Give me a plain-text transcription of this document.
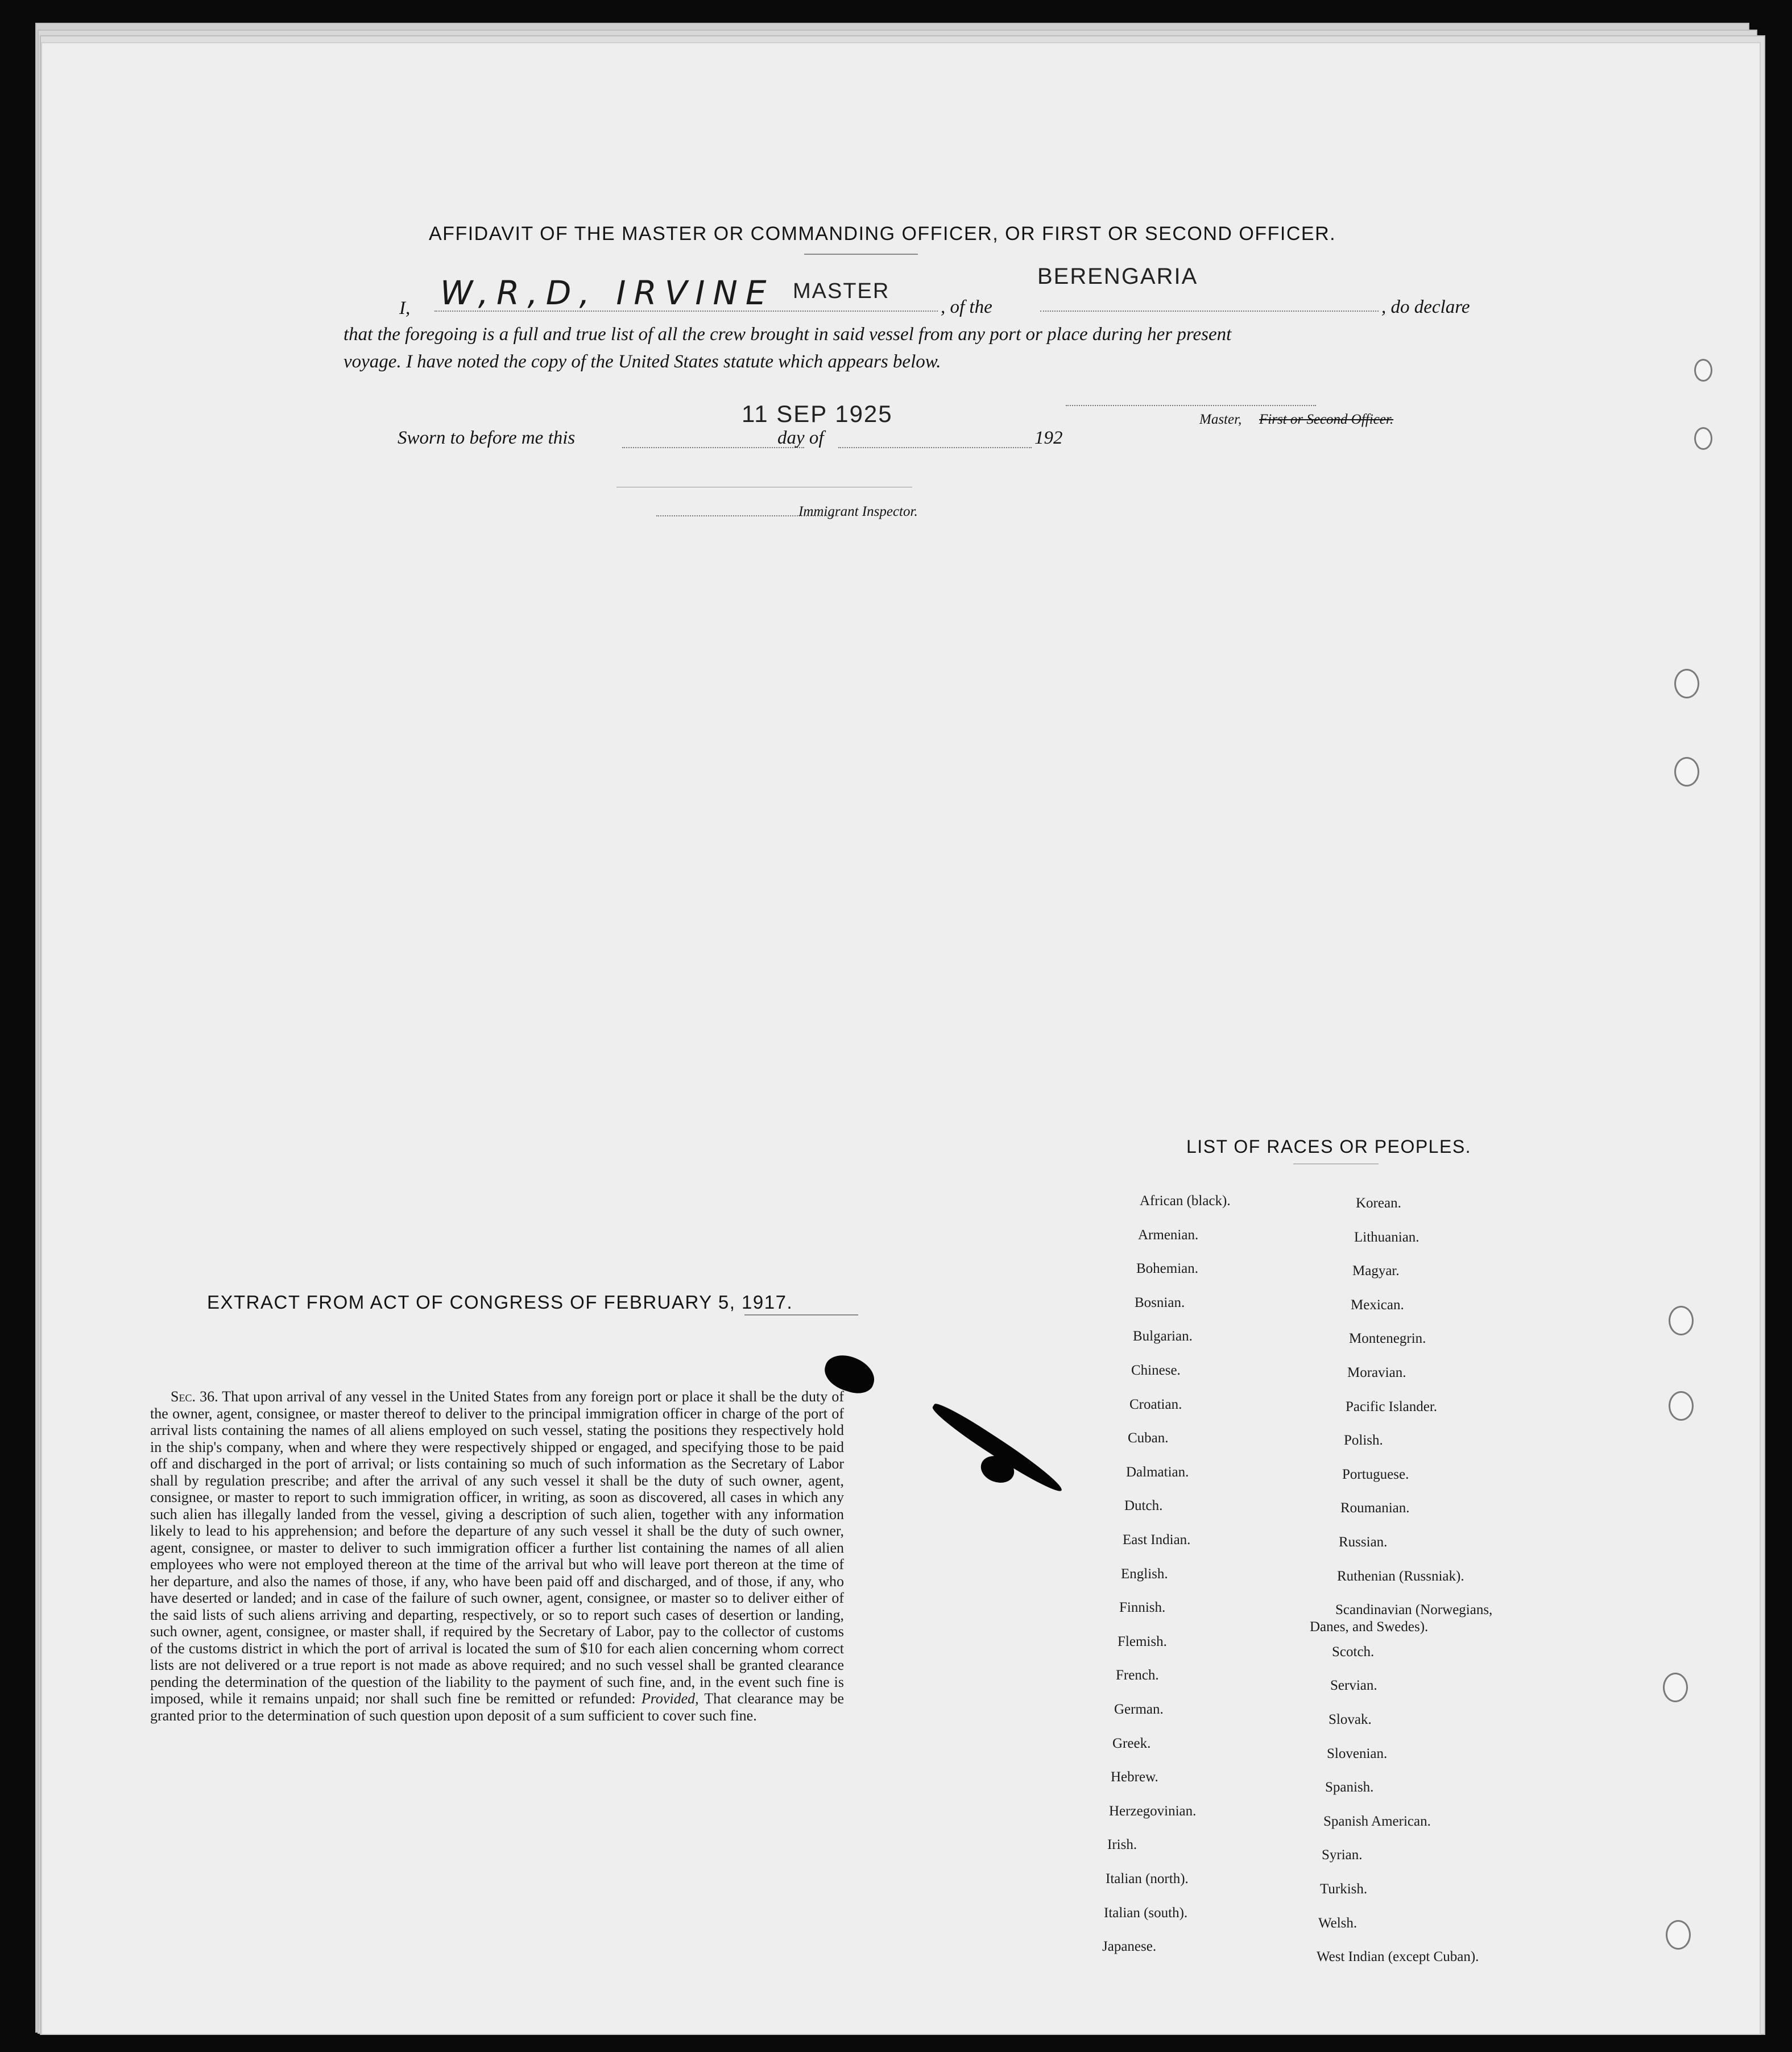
AFFIDAVIT OF THE MASTER OR COMMANDING OFFICER, OR FIRST OR SECOND OFFICER.
I, W,R,D, IRVINE MASTER
, of the
BERENGARIA
, do declare
that the foregoing is a full and true list of all the crew brought in said vessel from any port or place during her present
voyage. I have noted the copy of the United States statute which appears below.
Sworn to before me this
11 SEP 1925
day of	192
Master, First or Second Officer.
Immigrant Inspector.
EXTRACT FROM ACT OF CONGRESS OF FEBRUARY 5, 1917.
Sec. 36. That upon arrival of any vessel in the United States from any foreign port or place it shall be the duty of the owner, agent, consignee, or master thereof to deliver to the principal immigration officer in charge of the port of arrival lists containing the names of all aliens employed on such vessel, stating the positions they respectively hold in the ship's company, when and where they were respectively shipped or engaged, and specifying those to be paid off and discharged in the port of arrival; or lists containing so much of such information as the Secretary of Labor shall by regulation prescribe; and after the arrival of any such vessel it shall be the duty of such owner, agent, consignee, or master to report to such immigration officer, in writing, as soon as discovered, all cases in which any such alien has illegally landed from the vessel, giving a description of such alien, together with any information likely to lead to his apprehension; and before the departure of any such vessel it shall be the duty of such owner, agent, consignee, or master to deliver to such immigration officer a further list containing the names of all alien employees who were not employed thereon at the time of the arrival but who will leave port thereon at the time of her departure, and also the names of those, if any, who have been paid off and discharged, and of those, if any, who have deserted or landed; and in case of the failure of such owner, agent, consignee, or master so to deliver either of the said lists of such aliens arriving and departing, respectively, or so to report such cases of desertion or landing, such owner, agent, consignee, or master shall, if required by the Secretary of Labor, pay to the collector of customs of the customs district in which the port of arrival is located the sum of $10 for each alien concerning whom correct lists are not delivered or a true report is not made as above required; and no such vessel shall be granted clearance pending the determination of the question of the liability to the payment of such fine, and, in the event such fine is imposed, while it remains unpaid; nor shall such fine be remitted or refunded: Provided, That clearance may be granted prior to the determination of such question upon deposit of a sum sufficient to cover such fine.
LIST OF RACES OR PEOPLES.
African (black).
Armenian.
Bohemian.
Bosnian.
Bulgarian.
Chinese.
Croatian.
Cuban.
Dalmatian.
Dutch.
East Indian.
English.
Finnish.
Flemish.
French.
German.
Greek.
Hebrew.
Herzegovinian.
Irish.
Italian (north).
Italian (south).
Japanese.
Korean.
Lithuanian.
Magyar.
Mexican.
Montenegrin.
Moravian.
Pacific Islander.
Polish.
Portuguese.
Roumanian.
Russian.
Ruthenian (Russniak).
Scandinavian (Norwegians,
Danes, and Swedes).
Scotch.
Servian.
Slovak.
Slovenian.
Spanish.
Spanish American.
Syrian.
Turkish.
Welsh.
West Indian (except Cuban).
